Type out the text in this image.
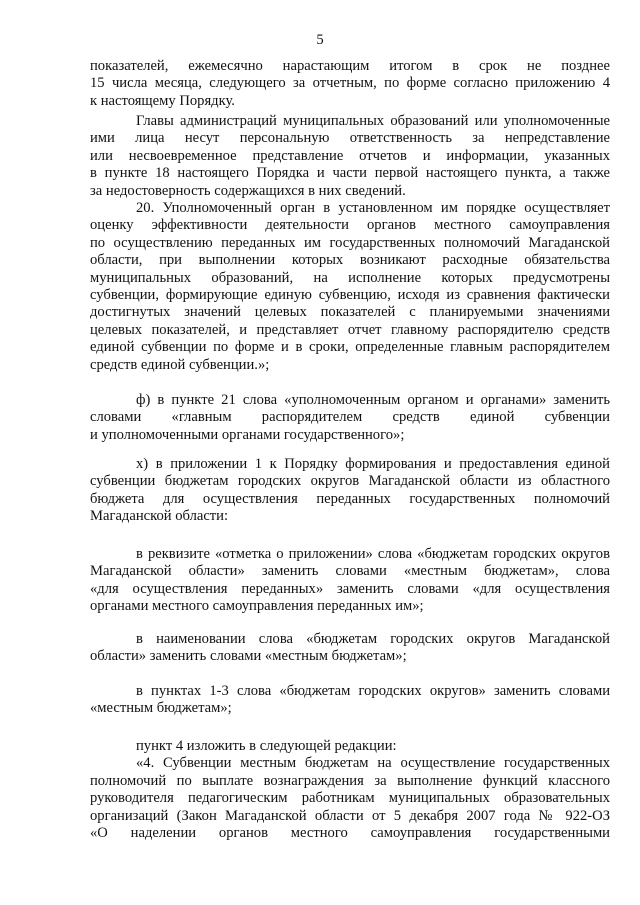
5
показателей, ежемесячно нарастающим итогом в срок не позднее
15 числа месяца, следующего за отчетным, по форме согласно приложению 4
к настоящему Порядку.
Главы администраций муниципальных образований или уполномоченные
ими лица несут персональную ответственность за непредставление
или несвоевременное представление отчетов и информации, указанных
в пункте 18 настоящего Порядка и части первой настоящего пункта, а также
за недостоверность содержащихся в них сведений.
20. Уполномоченный орган в установленном им порядке осуществляет
оценку эффективности деятельности органов местного самоуправления
по осуществлению переданных им государственных полномочий Магаданской
области, при выполнении которых возникают расходные обязательства
муниципальных образований, на исполнение которых предусмотрены
субвенции, формирующие единую субвенцию, исходя из сравнения фактически
достигнутых значений целевых показателей с планируемыми значениями
целевых показателей, и представляет отчет главному распорядителю средств
единой субвенции по форме и в сроки, определенные главным распорядителем
средств единой субвенции.»;
ф) в пункте 21 слова «уполномоченным органом и органами» заменить
словами «главным распорядителем средств единой субвенции
и уполномоченными органами государственного»;
х) в приложении 1 к Порядку формирования и предоставления единой
субвенции бюджетам городских округов Магаданской области из областного
бюджета для осуществления переданных государственных полномочий
Магаданской области:
в реквизите «отметка о приложении» слова «бюджетам городских округов
Магаданской области» заменить словами «местным бюджетам», слова
«для осуществления переданных» заменить словами «для осуществления
органами местного самоуправления переданных им»;
в наименовании слова «бюджетам городских округов Магаданской
области» заменить словами «местным бюджетам»;
в пунктах 1-3 слова «бюджетам городских округов» заменить словами
«местным бюджетам»;
пункт 4 изложить в следующей редакции:
«4. Субвенции местным бюджетам на осуществление государственных
полномочий по выплате вознаграждения за выполнение функций классного
руководителя педагогическим работникам муниципальных образовательных
организаций (Закон Магаданской области от 5 декабря 2007 года № 922-ОЗ
«О наделении органов местного самоуправления государственными
